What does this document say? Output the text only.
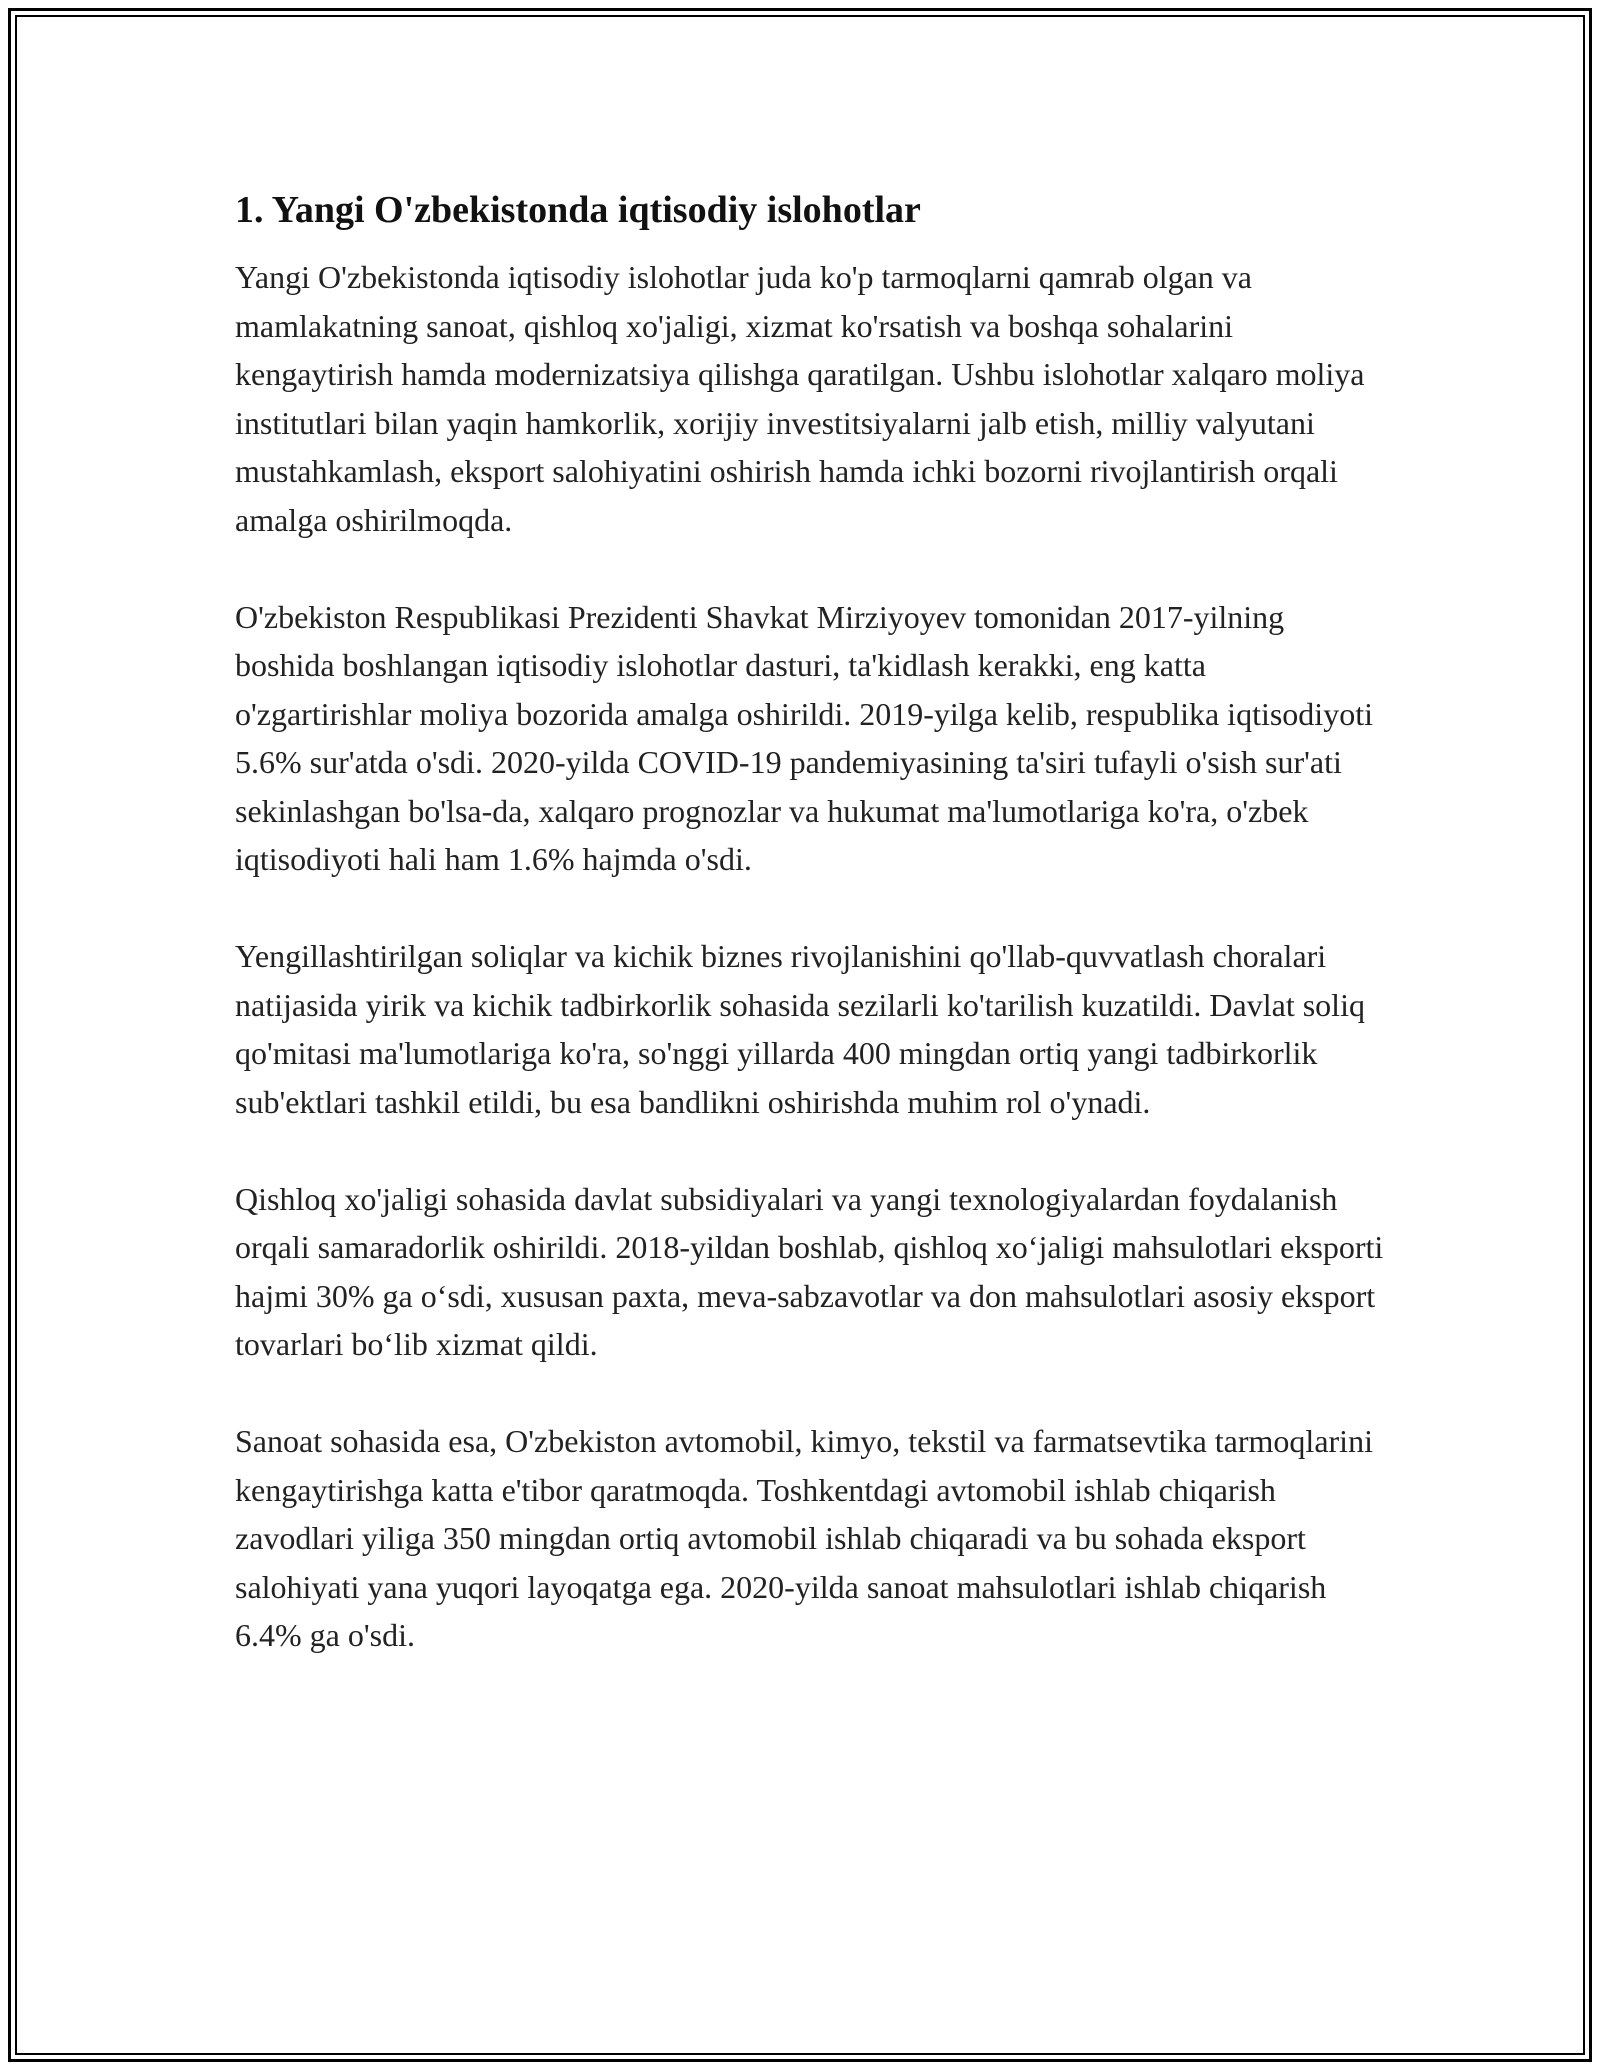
1. Yangi O'zbekistonda iqtisodiy islohotlar

Yangi O'zbekistonda iqtisodiy islohotlar juda ko'p tarmoqlarni qamrab olgan va mamlakatning sanoat, qishloq xo'jaligi, xizmat ko'rsatish va boshqa sohalarini kengaytirish hamda modernizatsiya qilishga qaratilgan. Ushbu islohotlar xalqaro moliya institutlari bilan yaqin hamkorlik, xorijiy investitsiyalarni jalb etish, milliy valyutani mustahkamlash, eksport salohiyatini oshirish hamda ichki bozorni rivojlantirish orqali amalga oshirilmoqda.

O'zbekiston Respublikasi Prezidenti Shavkat Mirziyoyev tomonidan 2017-yilning boshida boshlangan iqtisodiy islohotlar dasturi, ta'kidlash kerakki, eng katta o'zgartirishlar moliya bozorida amalga oshirildi. 2019-yilga kelib, respublika iqtisodiyoti 5.6% sur'atda o'sdi. 2020-yilda COVID-19 pandemiyasining ta'siri tufayli o'sish sur'ati sekinlashgan bo'lsa-da, xalqaro prognozlar va hukumat ma'lumotlariga ko'ra, o'zbek iqtisodiyoti hali ham 1.6% hajmda o'sdi.

Yengillashtirilgan soliqlar va kichik biznes rivojlanishini qo'llab-quvvatlash choralari natijasida yirik va kichik tadbirkorlik sohasida sezilarli ko'tarilish kuzatildi. Davlat soliq qo'mitasi ma'lumotlariga ko'ra, so'nggi yillarda 400 mingdan ortiq yangi tadbirkorlik sub'ektlari tashkil etildi, bu esa bandlikni oshirishda muhim rol o'ynadi.

Qishloq xo'jaligi sohasida davlat subsidiyalari va yangi texnologiyalardan foydalanish orqali samaradorlik oshirildi. 2018-yildan boshlab, qishloq xo‘jaligi mahsulotlari eksporti hajmi 30% ga o‘sdi, xususan paxta, meva-sabzavotlar va don mahsulotlari asosiy eksport tovarlari bo‘lib xizmat qildi.

Sanoat sohasida esa, O'zbekiston avtomobil, kimyo, tekstil va farmatsevtika tarmoqlarini kengaytirishga katta e'tibor qaratmoqda. Toshkentdagi avtomobil ishlab chiqarish zavodlari yiliga 350 mingdan ortiq avtomobil ishlab chiqaradi va bu sohada eksport salohiyati yana yuqori layoqatga ega. 2020-yilda sanoat mahsulotlari ishlab chiqarish 6.4% ga o'sdi.
